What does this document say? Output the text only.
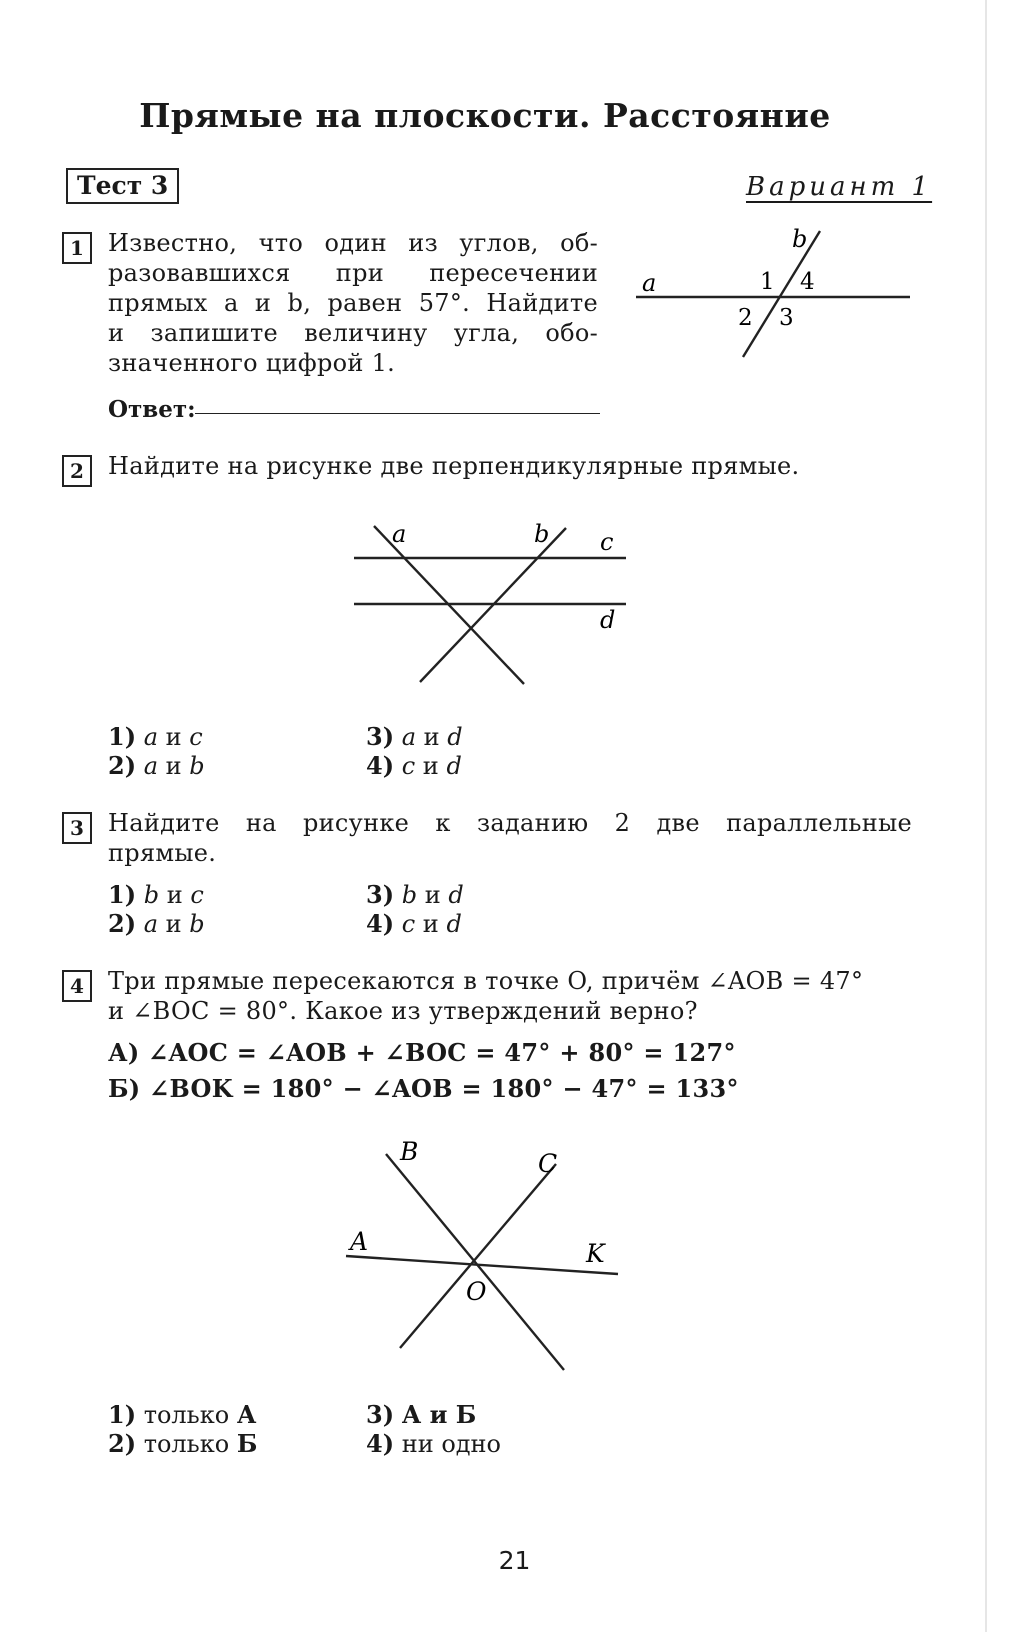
Прямые на плоскости. Расстояние
Тест 3	Вариант 1
1	Известно, что один из углов, об-
разовавшихся при пересечении
прямых a и b, равен 57°. Найдите
и запишите величину угла, обо-
значенного цифрой 1.
Ответ:
a
b
1 4
2 3
2	Найдите на рисунке две перпендикулярные прямые.
a	b c
d
1) a и c
2) a и b
3) a и d
4) c и d
3	Найдите на рисунке к заданию 2 две параллельные
прямые.
1) b и c
2) a и b
3) b и d
4) c и d
4	Три прямые пересекаются в точке O, причём ∠AOB = 47°
и ∠BOC = 80°. Какое из утверждений верно?
А) ∠AOC = ∠AOB + ∠BOC = 47° + 80° = 127°
Б) ∠BOK = 180° − ∠AOB = 180° − 47° = 133°
B	C
A	K
O
1) только А
2) только Б
3) А и Б
4) ни одно
21
